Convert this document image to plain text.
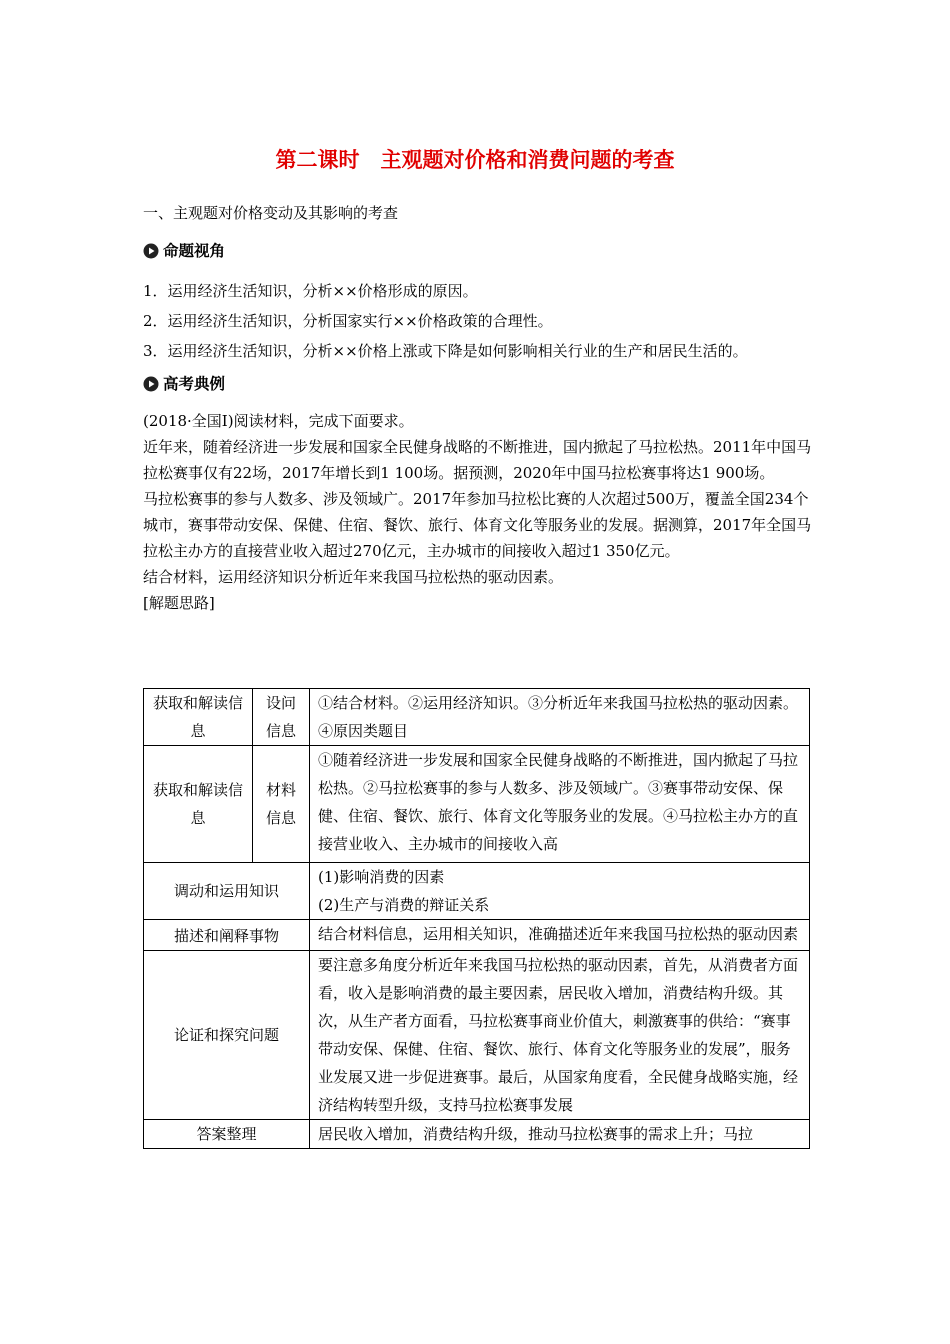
第二课时　主观题对价格和消费问题的考查
一、主观题对价格变动及其影响的考查
命题视角
1．运用经济生活知识，分析××价格形成的原因。
2．运用经济生活知识，分析国家实行××价格政策的合理性。
3．运用经济生活知识，分析××价格上涨或下降是如何影响相关行业的生产和居民生活的。
高考典例

(2018·全国Ⅰ)阅读材料，完成下面要求。

近年来，随着经济进一步发展和国家全民健身战略的不断推进，国内掀起了马拉松热。2011年中国马拉松赛事仅有22场，2017年增长到1 100场。据预测，2020年中国马拉松赛事将达1 900场。

马拉松赛事的参与人数多、涉及领域广。2017年参加马拉松比赛的人次超过500万，覆盖全国234个城市，赛事带动安保、保健、住宿、餐饮、旅行、体育文化等服务业的发展。据测算，2017年全国马拉松主办方的直接营业收入超过270亿元，主办城市的间接收入超过1 350亿元。

结合材料，运用经济知识分析近年来我国马拉松热的驱动因素。

[解题思路]

获取和解读信息	设问信息	①结合材料。②运用经济知识。③分析近年来我国马拉松热的驱动因素。④原因类题目
获取和解读信息	材料信息	①随着经济进一步发展和国家全民健身战略的不断推进，国内掀起了马拉松热。②马拉松赛事的参与人数多、涉及领域广。③赛事带动安保、保健、住宿、餐饮、旅行、体育文化等服务业的发展。④马拉松主办方的直接营业收入、主办城市的间接收入高
调动和运用知识		(1)影响消费的因素
(2)生产与消费的辩证关系

描述和阐释事物		结合材料信息，运用相关知识，准确描述近年来我国马拉松热的驱动因素
论证和探究问题		要注意多角度分析近年来我国马拉松热的驱动因素，首先，从消费者方面看，收入是影响消费的最主要因素，居民收入增加，消费结构升级。其次，从生产者方面看，马拉松赛事商业价值大，刺激赛事的供给：“赛事带动安保、保健、住宿、餐饮、旅行、体育文化等服务业的发展”，服务业发展又进一步促进赛事。最后，从国家角度看，全民健身战略实施，经济结构转型升级，支持马拉松赛事发展
答案整理		居民收入增加，消费结构升级，推动马拉松赛事的需求上升；马拉
